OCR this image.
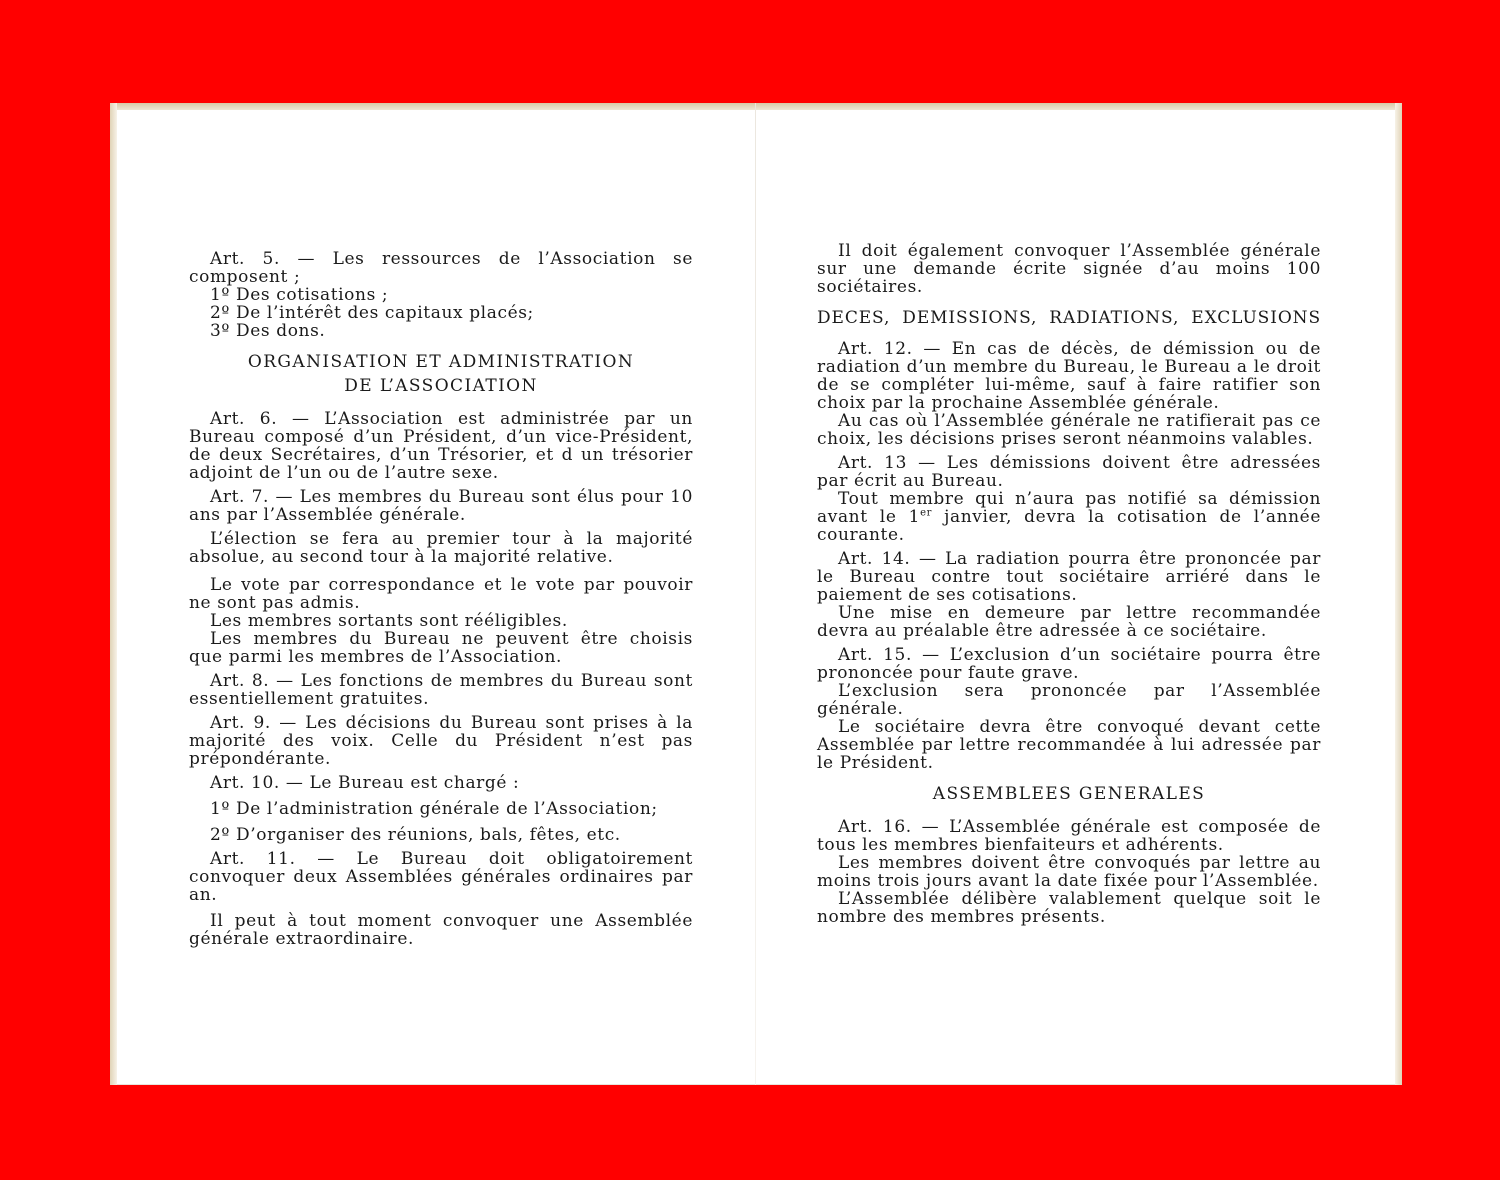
Art. 5. — Les ressources de l’Association se composent ;

1º Des cotisations ;

2º De l’intérêt des capitaux placés;

3º Des dons.

ORGANISATION ET ADMINISTRATION
DE L’ASSOCIATION

Art. 6. — L’Association est administrée par un Bureau composé d’un Président, d’un vice-Président, de deux Secrétaires, d’un Trésorier, et d un trésorier adjoint de l’un ou de l’autre sexe.

Art. 7. — Les membres du Bureau sont élus pour 10 ans par l’Assemblée générale.

L’élection se fera au premier tour à la majorité absolue, au second tour à la majorité relative.

Le vote par correspondance et le vote par pouvoir ne sont pas admis.

Les membres sortants sont rééligibles.

Les membres du Bureau ne peuvent être choisis que parmi les membres de l’Association.

Art. 8. — Les fonctions de membres du Bureau sont essentiellement gratuites.

Art. 9. — Les décisions du Bureau sont prises à la majorité des voix. Celle du Président n’est pas prépondérante.

Art. 10. — Le Bureau est chargé :

1º De l’administration générale de l’Association;

2º D’organiser des réunions, bals, fêtes, etc.

Art. 11. — Le Bureau doit obligatoirement convoquer deux Assemblées générales ordinaires par an.

Il peut à tout moment convoquer une Assemblée générale extraordinaire.

Il doit également convoquer l’Assemblée générale sur une demande écrite signée d’au moins 100 sociétaires.

DECES, DEMISSIONS, RADIATIONS, EXCLUSIONS

Art. 12. — En cas de décès, de démission ou de radiation d’un membre du Bureau, le Bureau a le droit de se compléter lui-même, sauf à faire ratifier son choix par la prochaine Assemblée générale.

Au cas où l’Assemblée générale ne ratifierait pas ce choix, les décisions prises seront néanmoins valables.

Art. 13 — Les démissions doivent être adressées par écrit au Bureau.

Tout membre qui n’aura pas notifié sa démission avant le 1er janvier, devra la cotisation de l’année courante.

Art. 14. — La radiation pourra être prononcée par le Bureau contre tout sociétaire arriéré dans le paiement de ses cotisations.

Une mise en demeure par lettre recommandée devra au préalable être adressée à ce sociétaire.

Art. 15. — L’exclusion d’un sociétaire pourra être prononcée pour faute grave.

L’exclusion sera prononcée par l’Assemblée générale.

Le sociétaire devra être convoqué devant cette Assemblée par lettre recommandée à lui adressée par le Président.

ASSEMBLEES GENERALES

Art. 16. — L’Assemblée générale est composée de tous les membres bienfaiteurs et adhérents.

Les membres doivent être convoqués par lettre au moins trois jours avant la date fixée pour l’Assemblée.

L’Assemblée délibère valablement quelque soit le nombre des membres présents.
